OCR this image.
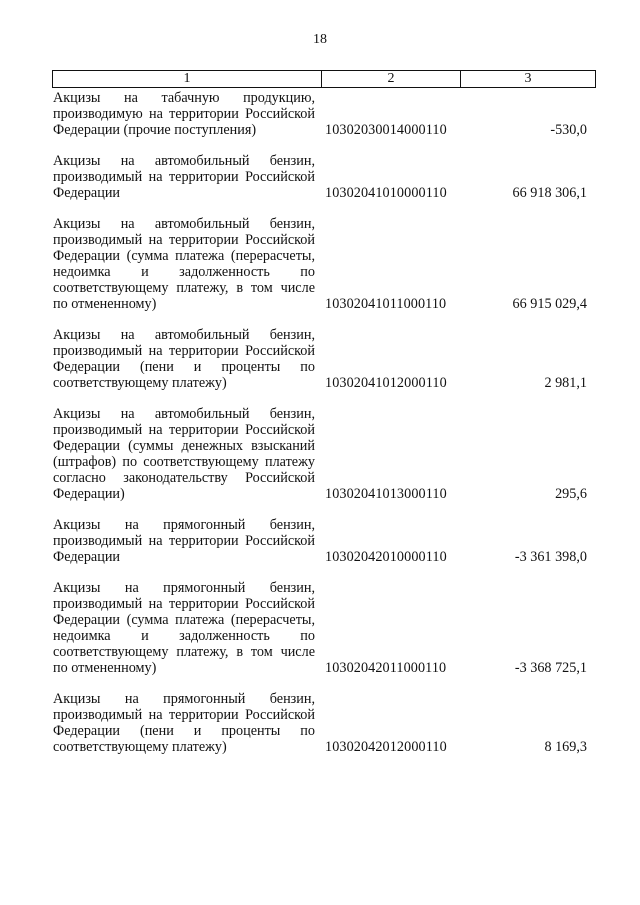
18
1	2	3
Акцизы на табачную продукцию, производимую на территории Российской Федерации (прочие поступления)	10302030014000110	-530,0
Акцизы на автомобильный бензин, производимый на территории Российской Федерации	10302041010000110	66 918 306,1
Акцизы на автомобильный бензин, производимый на территории Российской Федерации (сумма платежа (перерасчеты, недоимка и задолженность по соответствующему платежу, в том числе по отмененному)	10302041011000110	66 915 029,4
Акцизы на автомобильный бензин, производимый на территории Российской Федерации (пени и проценты по соответствующему платежу)	10302041012000110	2 981,1
Акцизы на автомобильный бензин, производимый на территории Российской Федерации (суммы денежных взысканий (штрафов) по соответствующему платежу согласно законодательству Российской Федерации)	10302041013000110	295,6
Акцизы на прямогонный бензин, производимый на территории Российской Федерации	10302042010000110	-3 361 398,0
Акцизы на прямогонный бензин, производимый на территории Российской Федерации (сумма платежа (перерасчеты, недоимка и задолженность по соответствующему платежу, в том числе по отмененному)	10302042011000110	-3 368 725,1
Акцизы на прямогонный бензин, производимый на территории Российской Федерации (пени и проценты по соответствующему платежу)	10302042012000110	8 169,3
